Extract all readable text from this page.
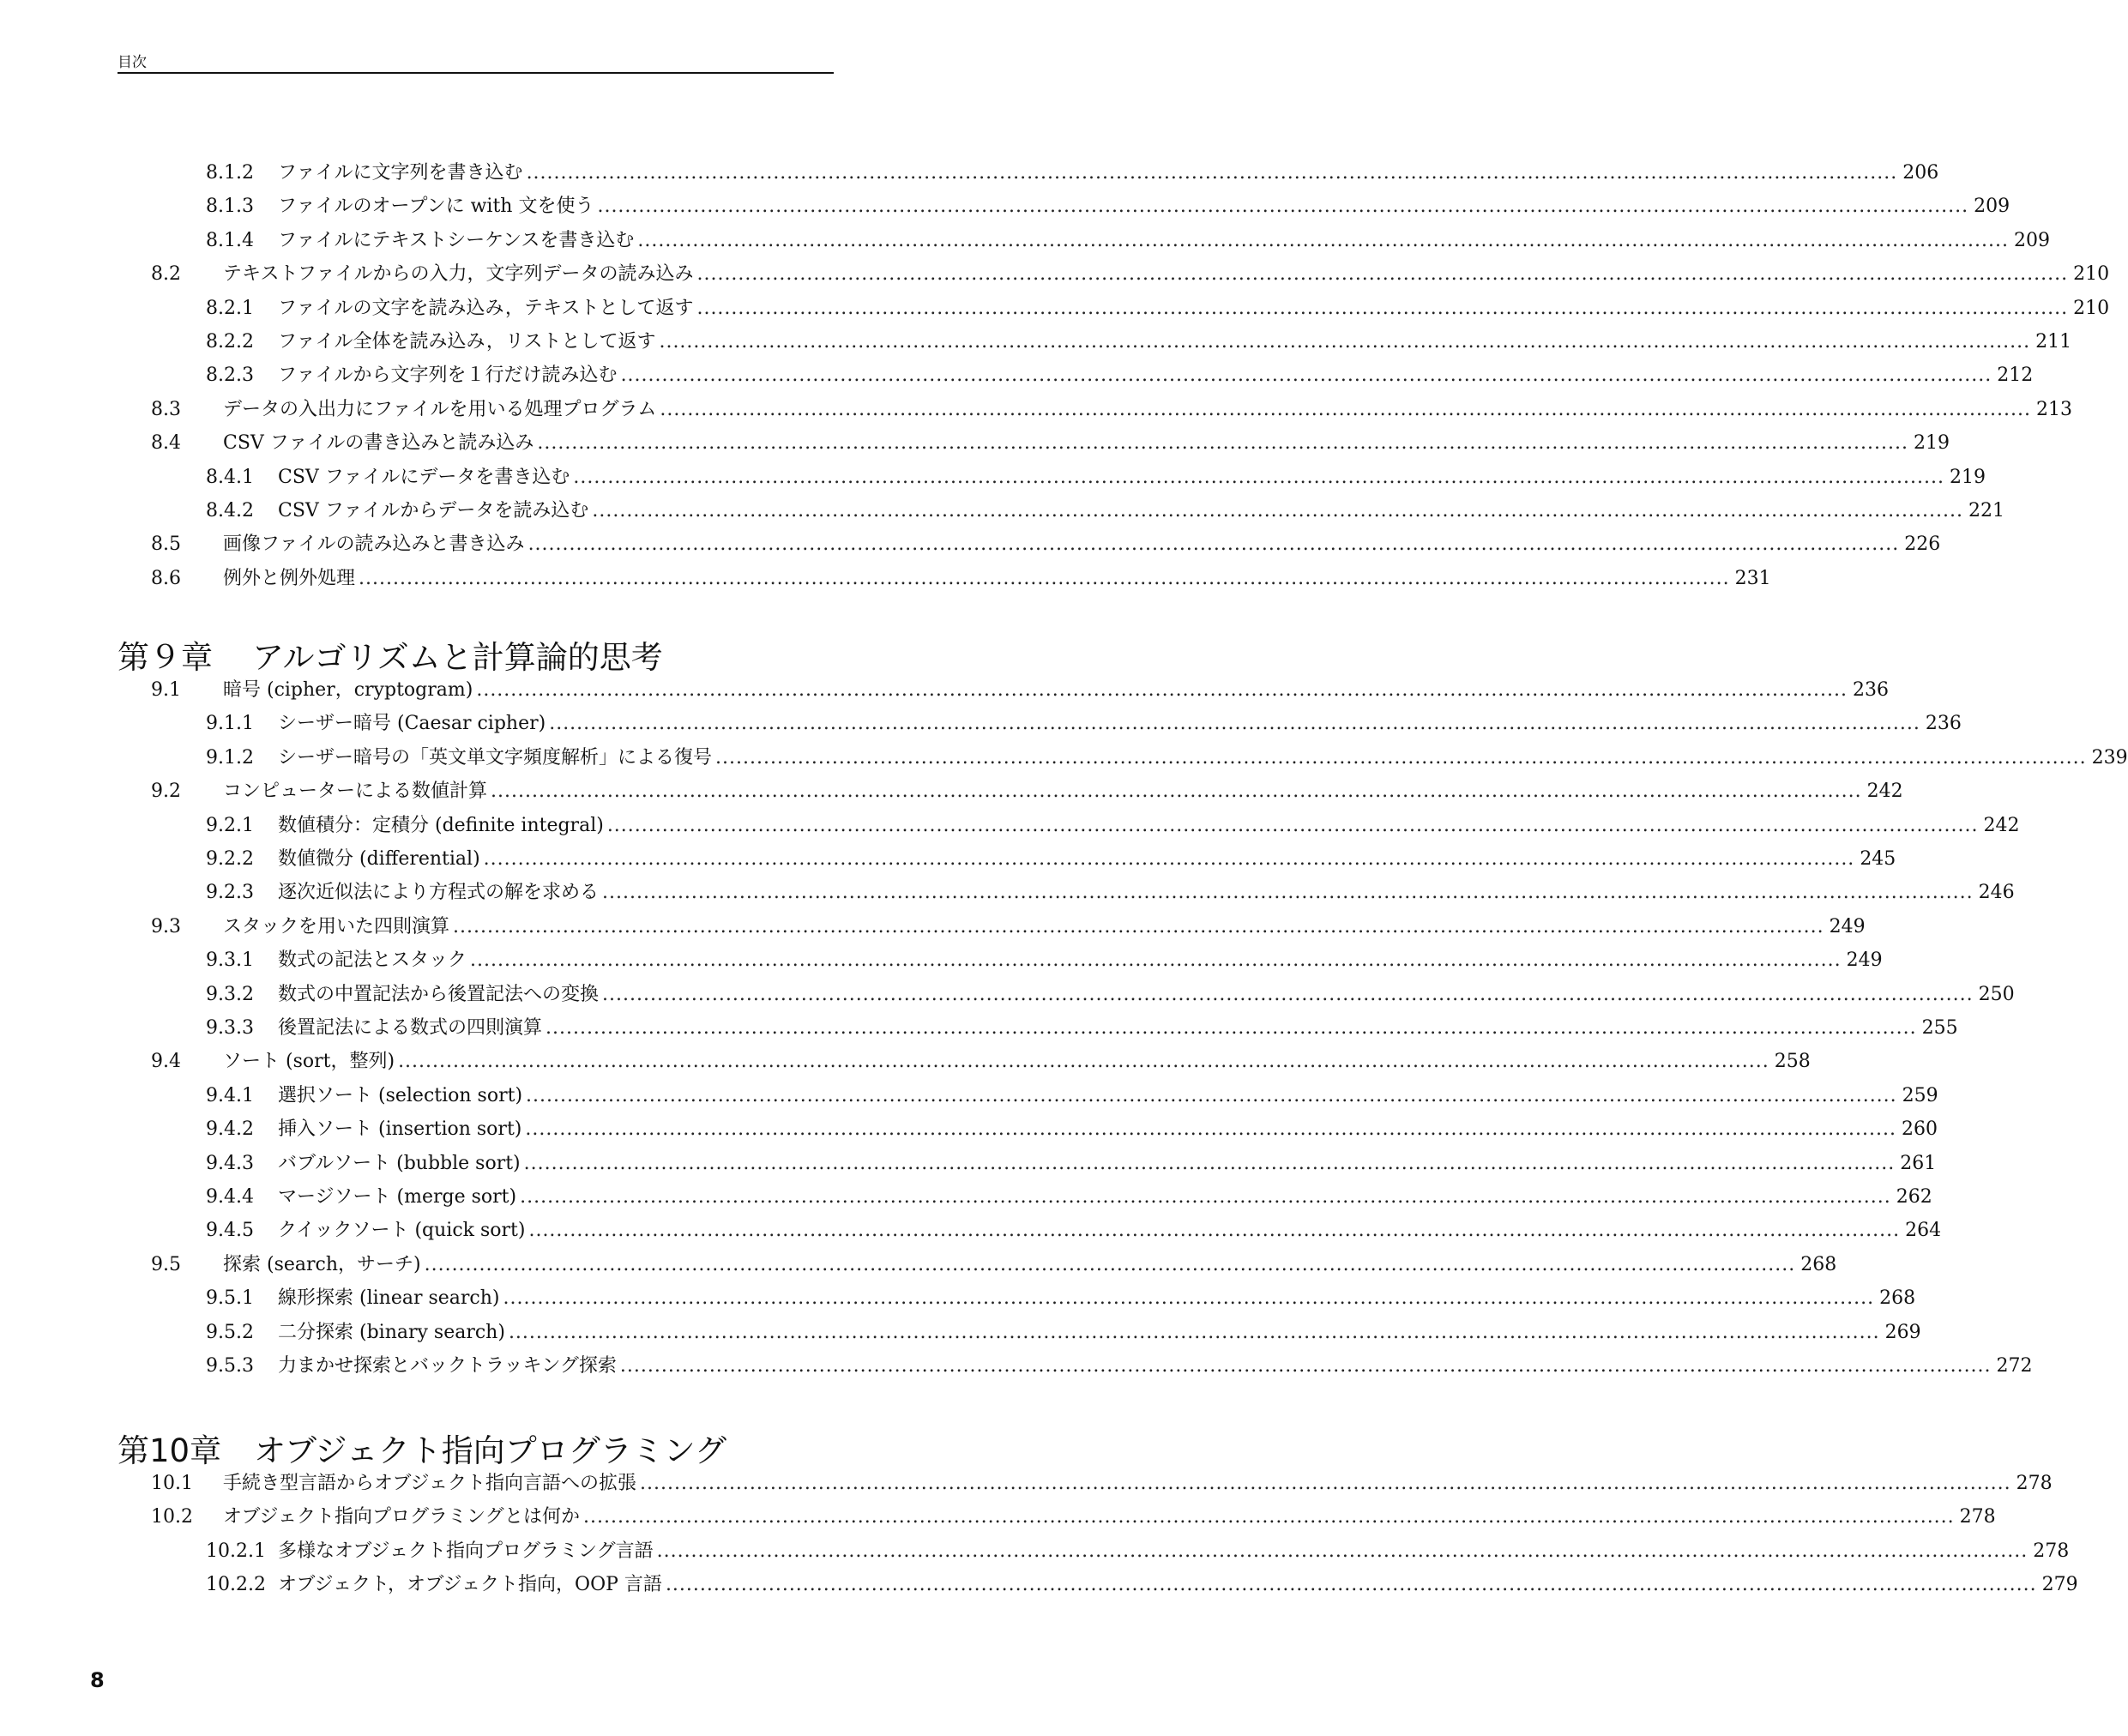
目次
8.1.2	ファイルに文字列を書き込む ........................................................................................................................................................................................................ 206
8.1.3	ファイルのオープンに with 文を使う ........................................................................................................................................................................................................ 209
8.1.4	ファイルにテキストシーケンスを書き込む ........................................................................................................................................................................................................ 209
8.2	テキストファイルからの入力，文字列データの読み込み ........................................................................................................................................................................................................ 210
8.2.1	ファイルの文字を読み込み，テキストとして返す ........................................................................................................................................................................................................ 210
8.2.2	ファイル全体を読み込み，リストとして返す ........................................................................................................................................................................................................ 211
8.2.3	ファイルから文字列を１行だけ読み込む ........................................................................................................................................................................................................ 212
8.3	データの入出力にファイルを用いる処理プログラム ........................................................................................................................................................................................................ 213
8.4	CSV ファイルの書き込みと読み込み ........................................................................................................................................................................................................ 219
8.4.1	CSV ファイルにデータを書き込む ........................................................................................................................................................................................................ 219
8.4.2	CSV ファイルからデータを読み込む ........................................................................................................................................................................................................ 221
8.5	画像ファイルの読み込みと書き込み ........................................................................................................................................................................................................ 226
8.6	例外と例外処理 ........................................................................................................................................................................................................ 231
第９章 アルゴリズムと計算論的思考
9.1	暗号 (cipher，cryptogram) ........................................................................................................................................................................................................ 236
9.1.1	シーザー暗号 (Caesar cipher) ........................................................................................................................................................................................................ 236
9.1.2	シーザー暗号の「英文単文字頻度解析」による復号 ........................................................................................................................................................................................................ 239
9.2	コンピューターによる数値計算 ........................................................................................................................................................................................................ 242
9.2.1	数値積分：定積分 (definite integral) ........................................................................................................................................................................................................ 242
9.2.2	数値微分 (differential) ........................................................................................................................................................................................................ 245
9.2.3	逐次近似法により方程式の解を求める ........................................................................................................................................................................................................ 246
9.3	スタックを用いた四則演算 ........................................................................................................................................................................................................ 249
9.3.1	数式の記法とスタック ........................................................................................................................................................................................................ 249
9.3.2	数式の中置記法から後置記法への変換 ........................................................................................................................................................................................................ 250
9.3.3	後置記法による数式の四則演算 ........................................................................................................................................................................................................ 255
9.4	ソート (sort，整列) ........................................................................................................................................................................................................ 258
9.4.1	選択ソート (selection sort) ........................................................................................................................................................................................................ 259
9.4.2	挿入ソート (insertion sort) ........................................................................................................................................................................................................ 260
9.4.3	バブルソート (bubble sort) ........................................................................................................................................................................................................ 261
9.4.4	マージソート (merge sort) ........................................................................................................................................................................................................ 262
9.4.5	クイックソート (quick sort) ........................................................................................................................................................................................................ 264
9.5	探索 (search，サーチ) ........................................................................................................................................................................................................ 268
9.5.1	線形探索 (linear search) ........................................................................................................................................................................................................ 268
9.5.2	二分探索 (binary search) ........................................................................................................................................................................................................ 269
9.5.3	力まかせ探索とバックトラッキング探索 ........................................................................................................................................................................................................ 272
第10章 オブジェクト指向プログラミング
10.1	手続き型言語からオブジェクト指向言語への拡張 ........................................................................................................................................................................................................ 278
10.2	オブジェクト指向プログラミングとは何か ........................................................................................................................................................................................................ 278
10.2.1 多様なオブジェクト指向プログラミング言語 ........................................................................................................................................................................................................ 278
10.2.2 オブジェクト，オブジェクト指向，OOP 言語 ........................................................................................................................................................................................................ 279
8
